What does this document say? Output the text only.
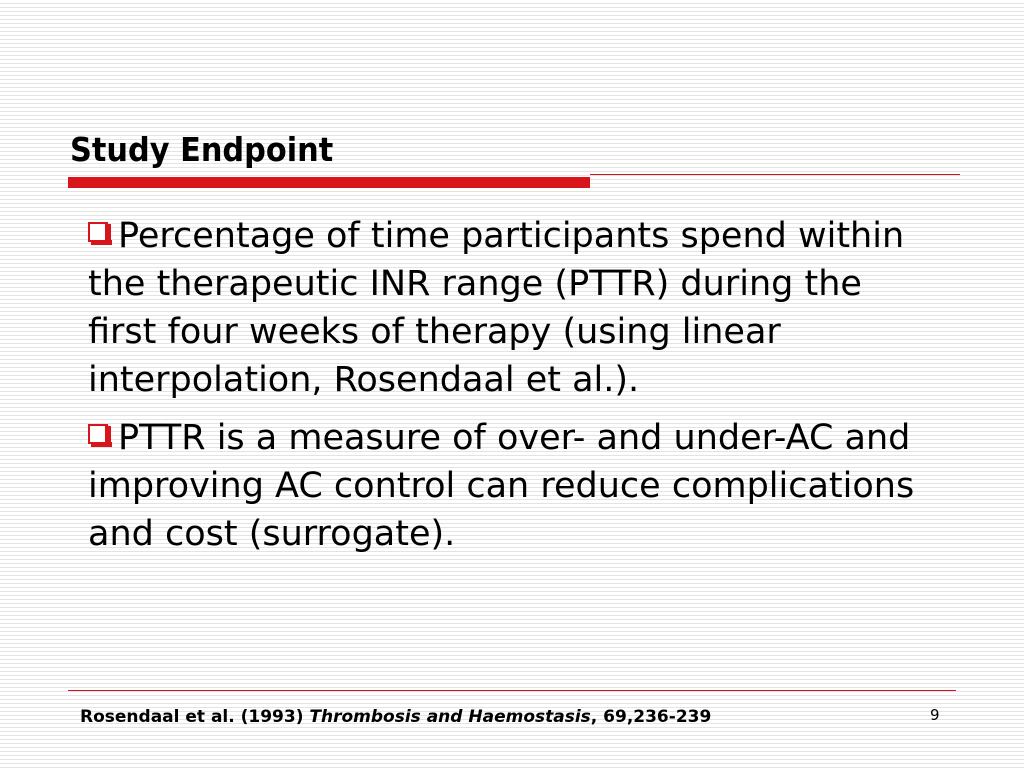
Study Endpoint
Percentage of time participants spend within the therapeutic INR range (PTTR) during the first four weeks of therapy (using linear interpolation, Rosendaal et al.).
PTTR is a measure of over- and under-AC and improving AC control can reduce complications and cost (surrogate).
Rosendaal et al. (1993) Thrombosis and Haemostasis, 69,236-239	9
